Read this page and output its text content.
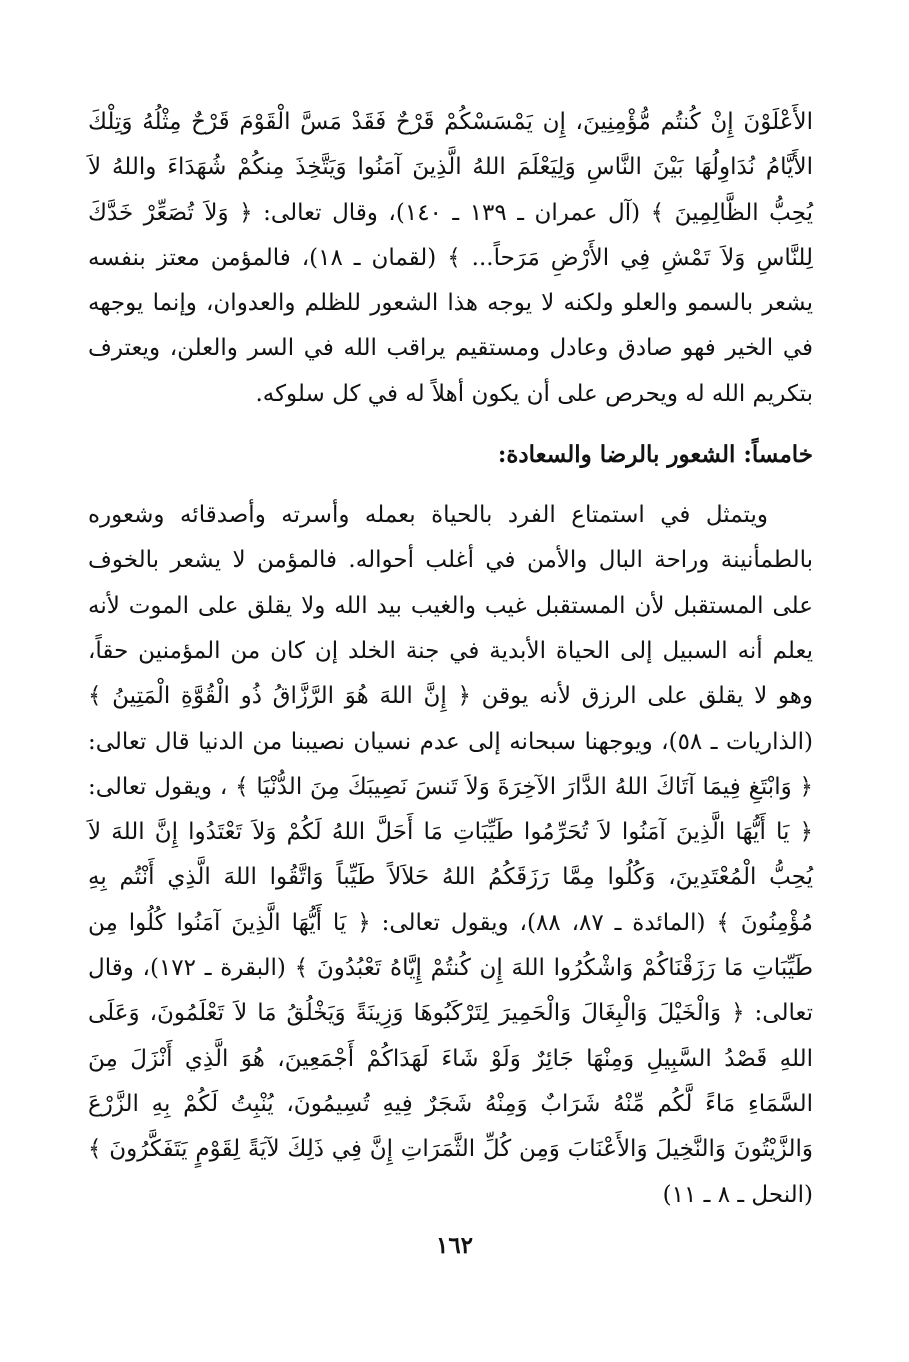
الأَعْلَوْنَ إِنْ كُنتُم مُّؤْمِنِينَ، إِن يَمْسَسْكُمْ قَرْحٌ فَقَدْ مَسَّ الْقَوْمَ قَرْحٌ مِثْلُهُ وَتِلْكَ الأَيَّامُ نُدَاوِلُهَا بَيْنَ النَّاسِ وَلِيَعْلَمَ اللهُ الَّذِينَ آمَنُوا وَيَتَّخِذَ مِنكُمْ شُهَدَاءَ واللهُ لاَ يُحِبُّ الظَّالِمِينَ ﴾ (آل عمران ـ ١٣٩ ـ ١٤٠)، وقال تعالى: ﴿ وَلاَ تُصَعِّرْ خَدَّكَ لِلنَّاسِ وَلاَ تَمْشِ فِي الأَرْضِ مَرَحاً... ﴾ (لقمان ـ ١٨)، فالمؤمن معتز بنفسه يشعر بالسمو والعلو ولكنه لا يوجه هذا الشعور للظلم والعدوان، وإنما يوجهه في الخير فهو صادق وعادل ومستقيم يراقب الله في السر والعلن، ويعترف بتكريم الله له ويحرص على أن يكون أهلاً له في كل سلوكه.

خامساً: الشعور بالرضا والسعادة:

ويتمثل في استمتاع الفرد بالحياة بعمله وأسرته وأصدقائه وشعوره بالطمأنينة وراحة البال والأمن في أغلب أحواله. فالمؤمن لا يشعر بالخوف على المستقبل لأن المستقبل غيب والغيب بيد الله ولا يقلق على الموت لأنه يعلم أنه السبيل إلى الحياة الأبدية في جنة الخلد إن كان من المؤمنين حقاً، وهو لا يقلق على الرزق لأنه يوقن ﴿ إِنَّ اللهَ هُوَ الرَّزَّاقُ ذُو الْقُوَّةِ الْمَتِينُ ﴾ (الذاريات ـ ٥٨)، ويوجهنا سبحانه إلى عدم نسيان نصيبنا من الدنيا قال تعالى: ﴿ وَابْتَغِ فِيمَا آتَاكَ اللهُ الدَّارَ الآخِرَةَ وَلاَ تَنسَ نَصِيبَكَ مِنَ الدُّنْيَا ﴾ ، ويقول تعالى: ﴿ يَا أَيُّهَا الَّذِينَ آمَنُوا لاَ تُحَرِّمُوا طَيِّبَاتِ مَا أَحَلَّ اللهُ لَكُمْ وَلاَ تَعْتَدُوا إِنَّ اللهَ لاَ يُحِبُّ الْمُعْتَدِينَ، وَكُلُوا مِمَّا رَزَقَكُمُ اللهُ حَلاَلاً طَيِّباً وَاتَّقُوا اللهَ الَّذِي أَنْتُم بِهِ مُؤْمِنُونَ ﴾ (المائدة ـ ٨٧، ٨٨)، ويقول تعالى: ﴿ يَا أَيُّهَا الَّذِينَ آمَنُوا كُلُوا مِن طَيِّبَاتِ مَا رَزَقْنَاكُمْ وَاشْكُرُوا اللهَ إِن كُنتُمْ إِيَّاهُ تَعْبُدُونَ ﴾ (البقرة ـ ١٧٢)، وقال تعالى: ﴿ وَالْخَيْلَ وَالْبِغَالَ وَالْحَمِيرَ لِتَرْكَبُوهَا وَزِينَةً وَيَخْلُقُ مَا لاَ تَعْلَمُونَ، وَعَلَى اللهِ قَصْدُ السَّبِيلِ وَمِنْهَا جَائِرٌ وَلَوْ شَاءَ لَهَدَاكُمْ أَجْمَعِينَ، هُوَ الَّذِي أَنْزَلَ مِنَ السَّمَاءِ مَاءً لَّكُم مِّنْهُ شَرَابٌ وَمِنْهُ شَجَرٌ فِيهِ تُسِيمُونَ، يُنْبِتُ لَكُمْ بِهِ الزَّرْعَ وَالزَّيْتُونَ وَالنَّخِيلَ وَالأَعْنَابَ وَمِن كُلِّ الثَّمَرَاتِ إِنَّ فِي ذَلِكَ لآيَةً لِقَوْمٍ يَتَفَكَّرُونَ ﴾ (النحل ـ ٨ ـ ١١)

١٦٢
